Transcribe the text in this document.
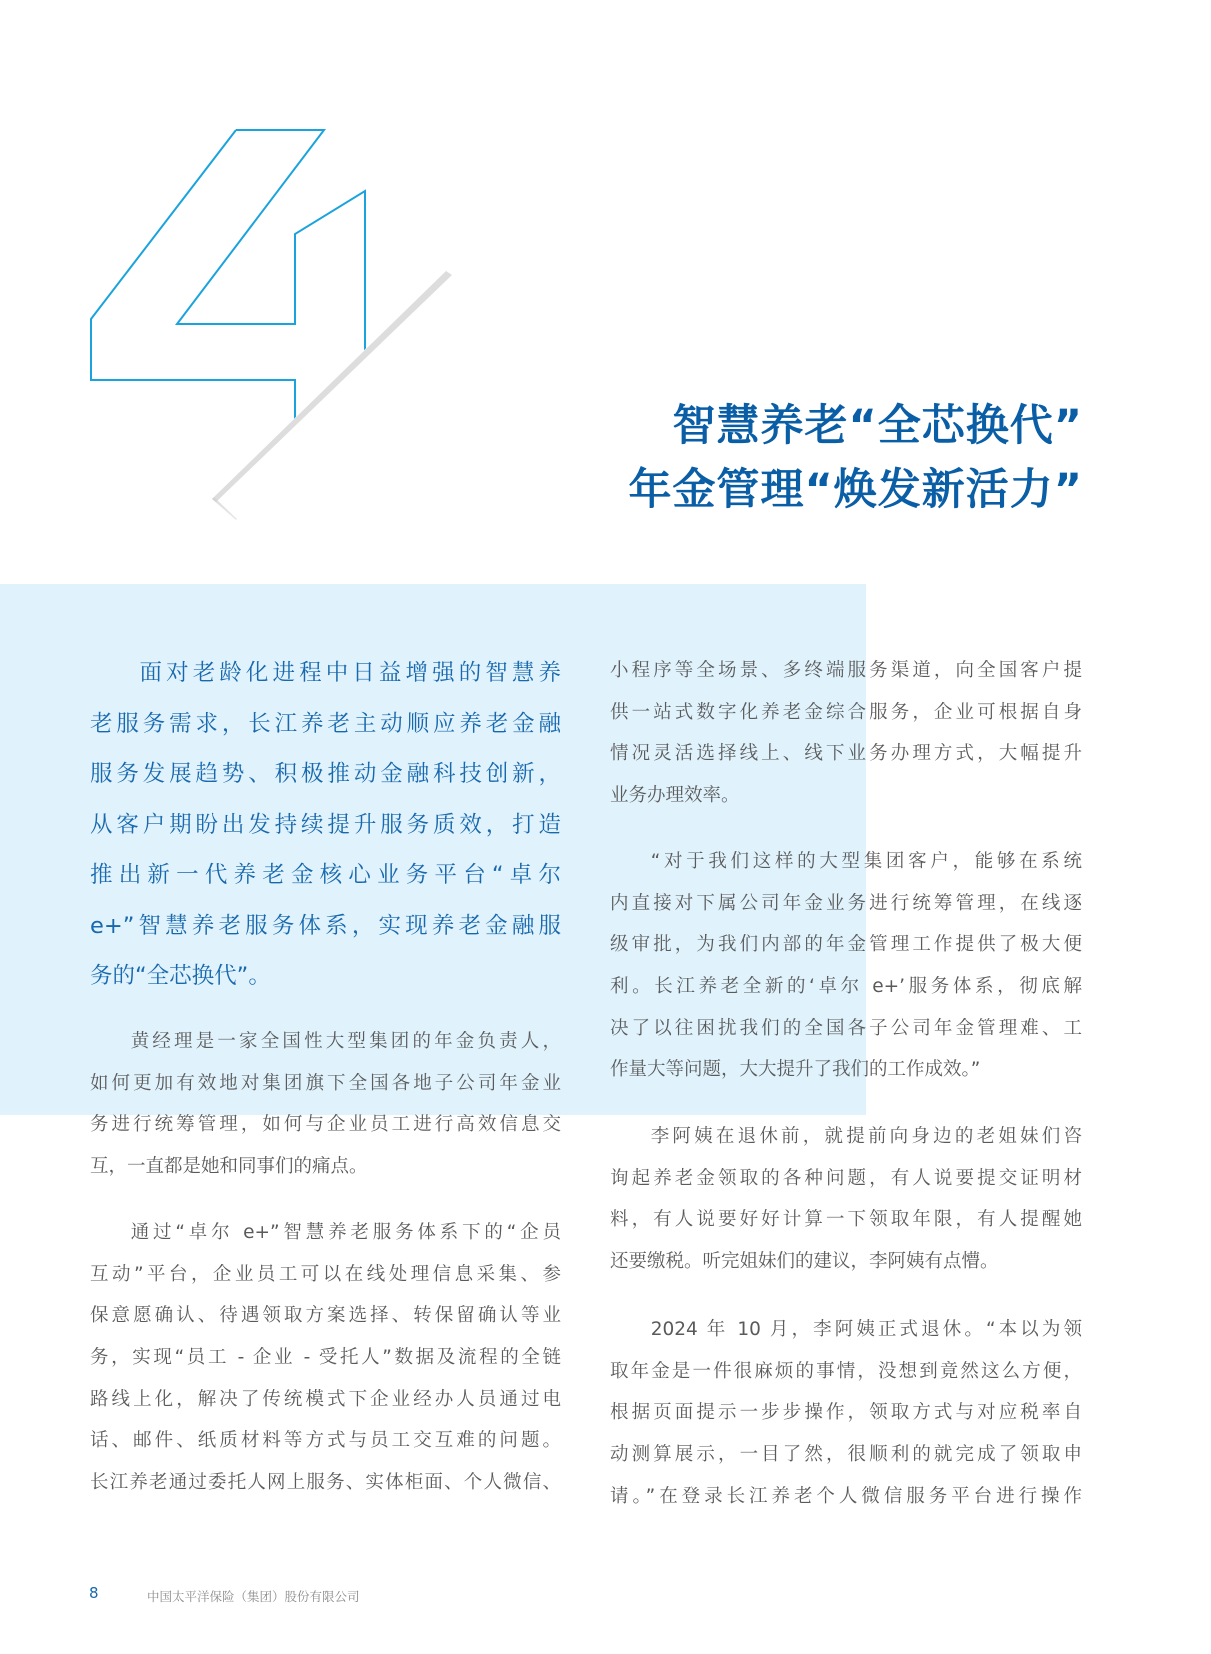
智慧养老“全芯换代”
年金管理“焕发新活力”
面对老龄化进程中日益增强的智慧养
老服务需求，长江养老主动顺应养老金融
服务发展趋势、积极推动金融科技创新，
从客户期盼出发持续提升服务质效，打造
推出新一代养老金核心业务平台“卓尔
e+”智慧养老服务体系，实现养老金融服
务的“全芯换代”。
黄经理是一家全国性大型集团的年金负责人，
如何更加有效地对集团旗下全国各地子公司年金业
务进行统筹管理，如何与企业员工进行高效信息交
互，一直都是她和同事们的痛点。
通过“卓尔 e+”智慧养老服务体系下的“企员
互动”平台，企业员工可以在线处理信息采集、参
保意愿确认、待遇领取方案选择、转保留确认等业
务，实现“员工 - 企业 - 受托人”数据及流程的全链
路线上化，解决了传统模式下企业经办人员通过电
话、邮件、纸质材料等方式与员工交互难的问题。
长江养老通过委托人网上服务、实体柜面、个人微信、
小程序等全场景、多终端服务渠道，向全国客户提
供一站式数字化养老金综合服务，企业可根据自身
情况灵活选择线上、线下业务办理方式，大幅提升
业务办理效率。
“对于我们这样的大型集团客户，能够在系统
内直接对下属公司年金业务进行统筹管理，在线逐
级审批，为我们内部的年金管理工作提供了极大便
利。长江养老全新的‘卓尔 e+’服务体系，彻底解
决了以往困扰我们的全国各子公司年金管理难、工
作量大等问题，大大提升了我们的工作成效。”
李阿姨在退休前，就提前向身边的老姐妹们咨
询起养老金领取的各种问题，有人说要提交证明材
料，有人说要好好计算一下领取年限，有人提醒她
还要缴税。听完姐妹们的建议，李阿姨有点懵。
2024 年 10 月，李阿姨正式退休。“本以为领
取年金是一件很麻烦的事情，没想到竟然这么方便，
根据页面提示一步步操作，领取方式与对应税率自
动测算展示，一目了然，很顺利的就完成了领取申
请。”在登录长江养老个人微信服务平台进行操作
8	中国太平洋保险（集团）股份有限公司
